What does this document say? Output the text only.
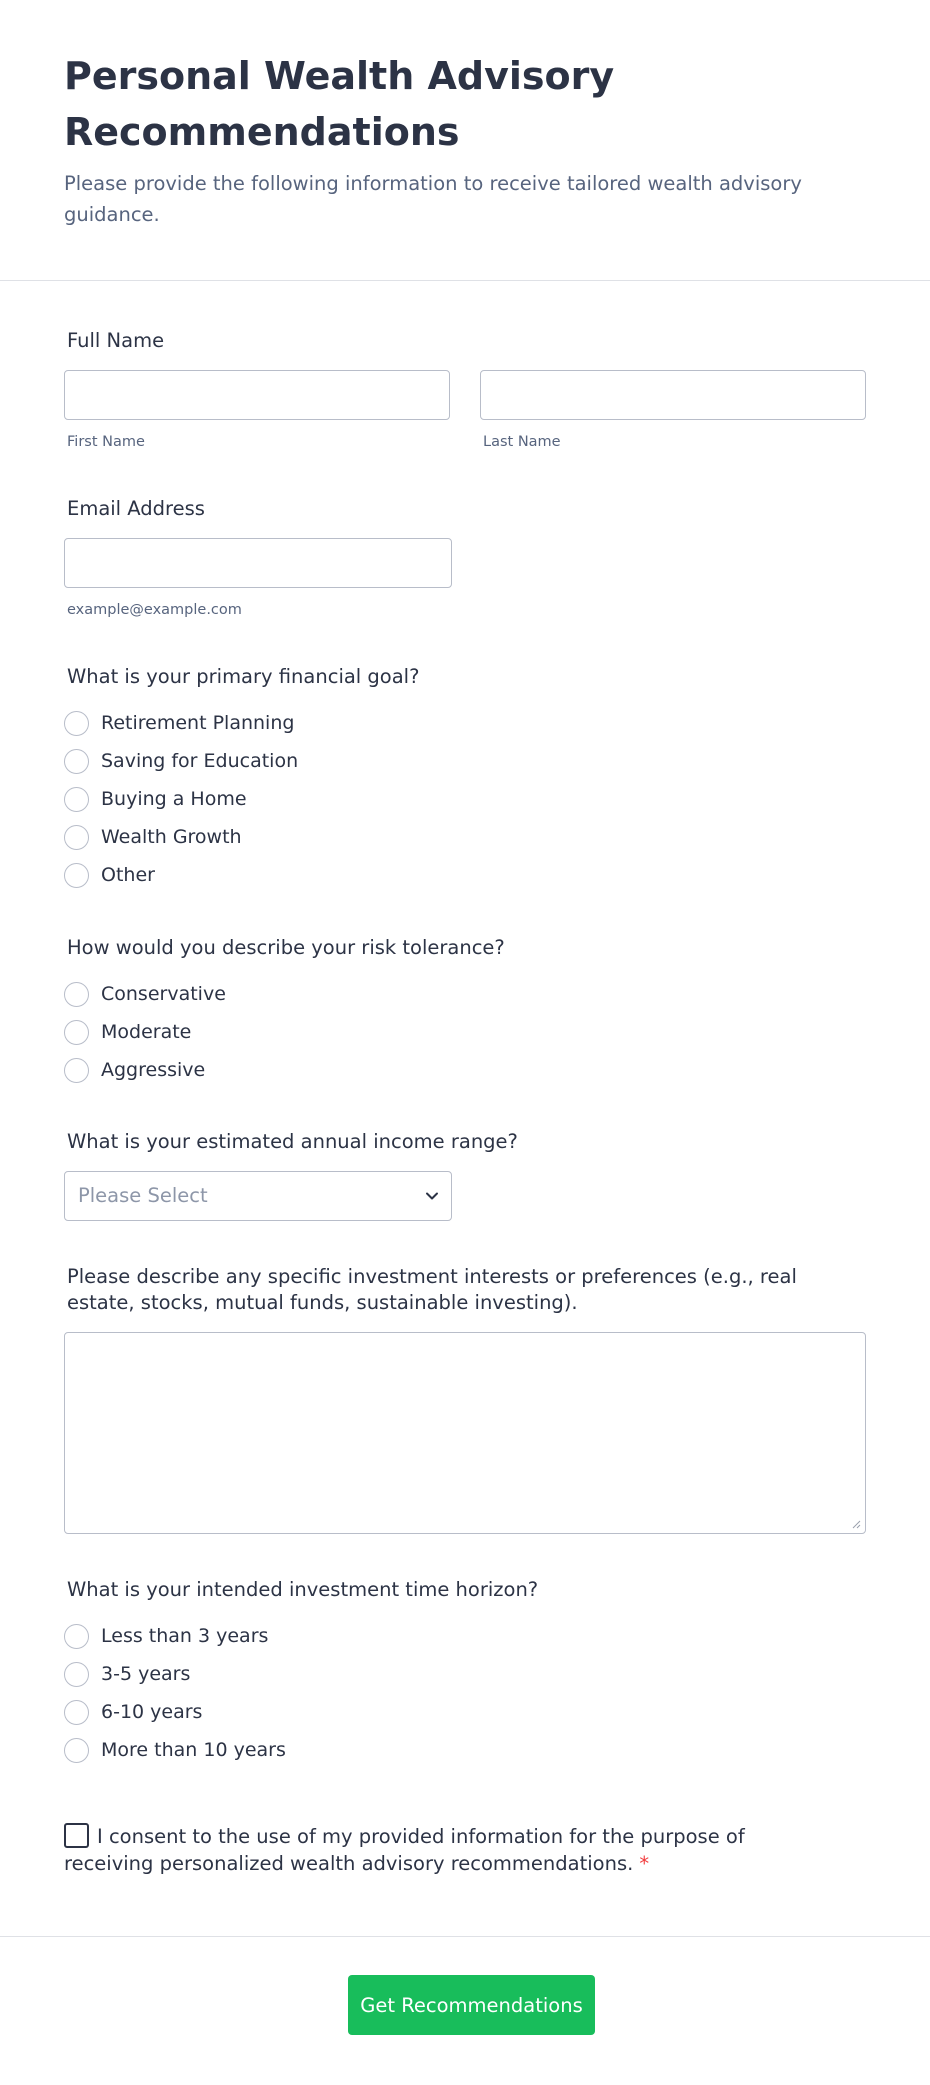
Personal Wealth Advisory Recommendations

Please provide the following information to receive tailored wealth advisory guidance.

Full Name
First Name	Last Name
Email Address
example@example.com
What is your primary financial goal?
Retirement Planning
Saving for Education
Buying a Home
Wealth Growth
Other
How would you describe your risk tolerance?
Conservative
Moderate
Aggressive
What is your estimated annual income range?
Please Select
Please describe any specific investment interests or preferences (e.g., real estate, stocks, mutual funds, sustainable investing).
What is your intended investment time horizon?
Less than 3 years
3-5 years
6-10 years
More than 10 years
I consent to the use of my provided information for the purpose of receiving personalized wealth advisory recommendations. *
Get Recommendations
